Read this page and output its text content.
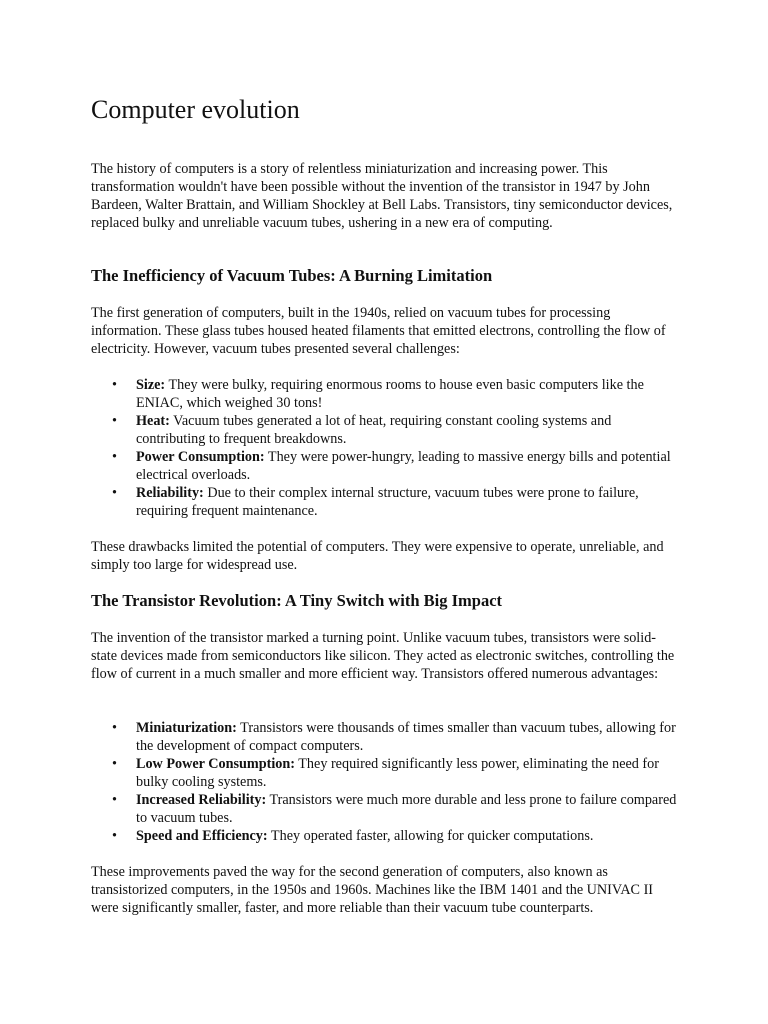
Computer evolution

The history of computers is a story of relentless miniaturization and increasing power. This transformation wouldn't have been possible without the invention of the transistor in 1947 by John Bardeen, Walter Brattain, and William Shockley at Bell Labs. Transistors, tiny semiconductor devices, replaced bulky and unreliable vacuum tubes, ushering in a new era of computing.

The Inefficiency of Vacuum Tubes: A Burning Limitation

The first generation of computers, built in the 1940s, relied on vacuum tubes for processing information. These glass tubes housed heated filaments that emitted electrons, controlling the flow of electricity. However, vacuum tubes presented several challenges:

• Size: They were bulky, requiring enormous rooms to house even basic computers like the ENIAC, which weighed 30 tons!
• Heat: Vacuum tubes generated a lot of heat, requiring constant cooling systems and contributing to frequent breakdowns.
• Power Consumption: They were power-hungry, leading to massive energy bills and potential electrical overloads.
• Reliability: Due to their complex internal structure, vacuum tubes were prone to failure, requiring frequent maintenance.

These drawbacks limited the potential of computers. They were expensive to operate, unreliable, and simply too large for widespread use.

The Transistor Revolution: A Tiny Switch with Big Impact

The invention of the transistor marked a turning point. Unlike vacuum tubes, transistors were solid-state devices made from semiconductors like silicon. They acted as electronic switches, controlling the flow of current in a much smaller and more efficient way. Transistors offered numerous advantages:

• Miniaturization: Transistors were thousands of times smaller than vacuum tubes, allowing for the development of compact computers.
• Low Power Consumption: They required significantly less power, eliminating the need for bulky cooling systems.
• Increased Reliability: Transistors were much more durable and less prone to failure compared to vacuum tubes.
• Speed and Efficiency: They operated faster, allowing for quicker computations.

These improvements paved the way for the second generation of computers, also known as transistorized computers, in the 1950s and 1960s. Machines like the IBM 1401 and the UNIVAC II were significantly smaller, faster, and more reliable than their vacuum tube counterparts.
